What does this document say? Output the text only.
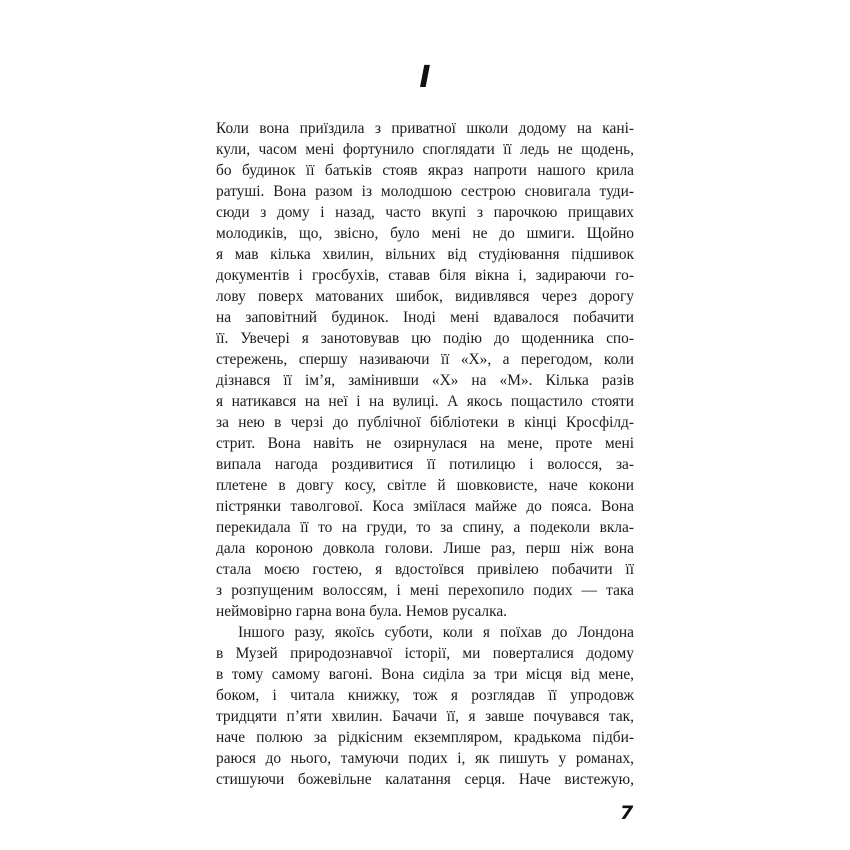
I
Коли вона приїздила з приватної школи додому на кані-
кули, часом мені фортунило споглядати її ледь не щодень,
бо будинок її батьків стояв якраз напроти нашого крила
ратуші. Вона разом із молодшою сестрою сновигала туди-
сюди з дому і назад, часто вкупі з парочкою прищавих
молодиків, що, звісно, було мені не до шмиги. Щойно
я мав кілька хвилин, вільних від студіювання підшивок
документів і гросбухів, ставав біля вікна і, задираючи го-
лову поверх матованих шибок, видивлявся через дорогу
на заповітний будинок. Іноді мені вдавалося побачити
її. Увечері я занотовував цю подію до щоденника спо-
стережень, спершу називаючи її «X», а перегодом, коли
дізнався її ім’я, замінивши «X» на «M». Кілька разів
я натикався на неї і на вулиці. А якось пощастило стояти
за нею в черзі до публічної бібліотеки в кінці Кросфілд-
стрит. Вона навіть не озирнулася на мене, проте мені
випала нагода роздивитися її потилицю і волосся, за-
плетене в довгу косу, світле й шовковисте, наче кокони
пістрянки таволгової. Коса зміїлася майже до пояса. Вона
перекидала її то на груди, то за спину, а подеколи вкла-
дала короною довкола голови. Лише раз, перш ніж вона
стала моєю гостею, я вдостоївся привілею побачити її
з розпущеним волоссям, і мені перехопило подих — така
неймовірно гарна вона була. Немов русалка.
Іншого разу, якоїсь суботи, коли я поїхав до Лондона
в Музей природознавчої історії, ми поверталися додому
в тому самому вагоні. Вона сиділа за три місця від мене,
боком, і читала книжку, тож я розглядав її упродовж
тридцяти п’яти хвилин. Бачачи її, я завше почувався так,
наче полюю за рідкісним екземпляром, крадькома підби-
раюся до нього, тамуючи подих і, як пишуть у романах,
стишуючи божевільне калатання серця. Наче вистежую,
7
